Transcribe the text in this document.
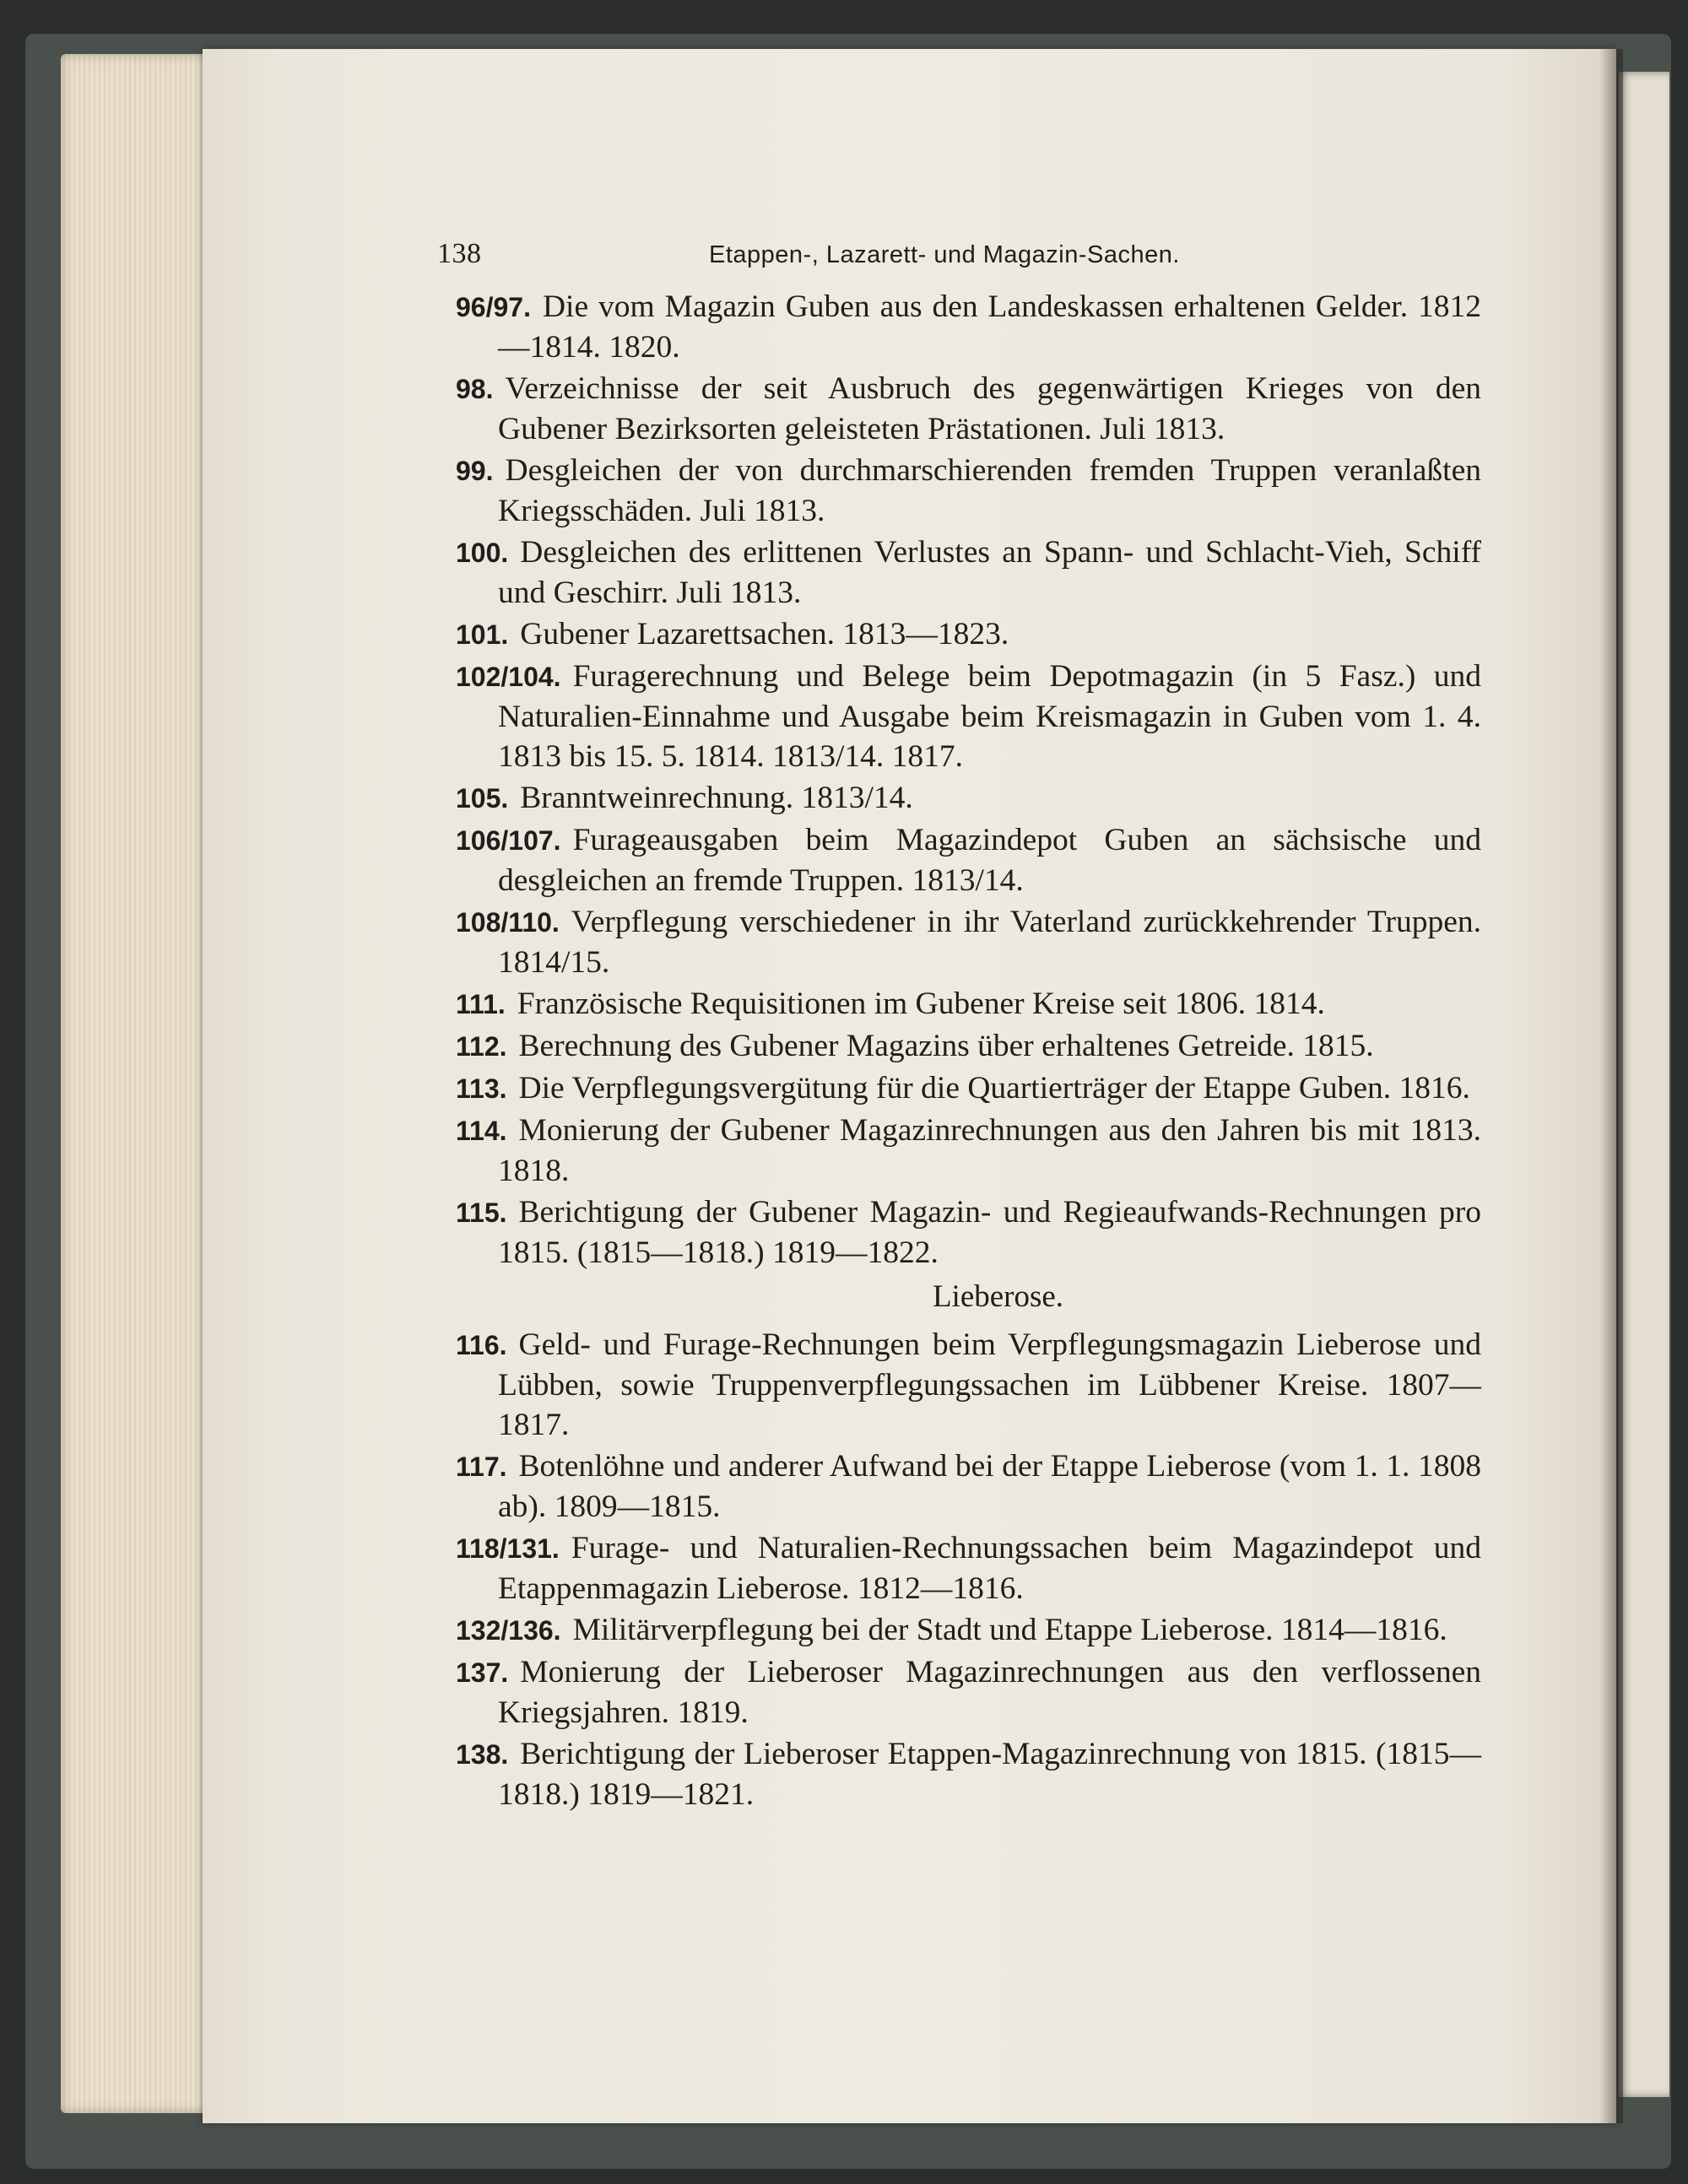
138	Etappen-, Lazarett- und Magazin-Sachen.
96/97. Die vom Magazin Guben aus den Landeskassen erhaltenen Gelder. 1812—1814. 1820.
98. Verzeichnisse der seit Ausbruch des gegenwärtigen Krieges von den Gubener Bezirksorten geleisteten Prästationen. Juli 1813.
99. Desgleichen der von durchmarschierenden fremden Truppen veranlaßten Kriegsschäden. Juli 1813.
100. Desgleichen des erlittenen Verlustes an Spann- und Schlacht-Vieh, Schiff und Geschirr. Juli 1813.
101. Gubener Lazarettsachen. 1813—1823.
102/104. Furagerechnung und Belege beim Depotmagazin (in 5 Fasz.) und Naturalien-Einnahme und Ausgabe beim Kreismagazin in Guben vom 1. 4. 1813 bis 15. 5. 1814. 1813/14. 1817.
105. Branntweinrechnung. 1813/14.
106/107. Furageausgaben beim Magazindepot Guben an sächsische und desgleichen an fremde Truppen. 1813/14.
108/110. Verpflegung verschiedener in ihr Vaterland zurückkehrender Truppen. 1814/15.
111. Französische Requisitionen im Gubener Kreise seit 1806. 1814.
112. Berechnung des Gubener Magazins über erhaltenes Getreide. 1815.
113. Die Verpflegungsvergütung für die Quartierträger der Etappe Guben. 1816.
114. Monierung der Gubener Magazinrechnungen aus den Jahren bis mit 1813. 1818.
115. Berichtigung der Gubener Magazin- und Regieaufwands-Rechnungen pro 1815. (1815—1818.) 1819—1822.
Lieberose.
116. Geld- und Furage-Rechnungen beim Verpflegungsmagazin Lieberose und Lübben, sowie Truppenverpflegungssachen im Lübbener Kreise. 1807—1817.
117. Botenlöhne und anderer Aufwand bei der Etappe Lieberose (vom 1. 1. 1808 ab). 1809—1815.
118/131. Furage- und Naturalien-Rechnungssachen beim Magazindepot und Etappenmagazin Lieberose. 1812—1816.
132/136. Militärverpflegung bei der Stadt und Etappe Lieberose. 1814—1816.
137. Monierung der Lieberoser Magazinrechnungen aus den verflossenen Kriegsjahren. 1819.
138. Berichtigung der Lieberoser Etappen-Magazinrechnung von 1815. (1815—1818.) 1819—1821.
